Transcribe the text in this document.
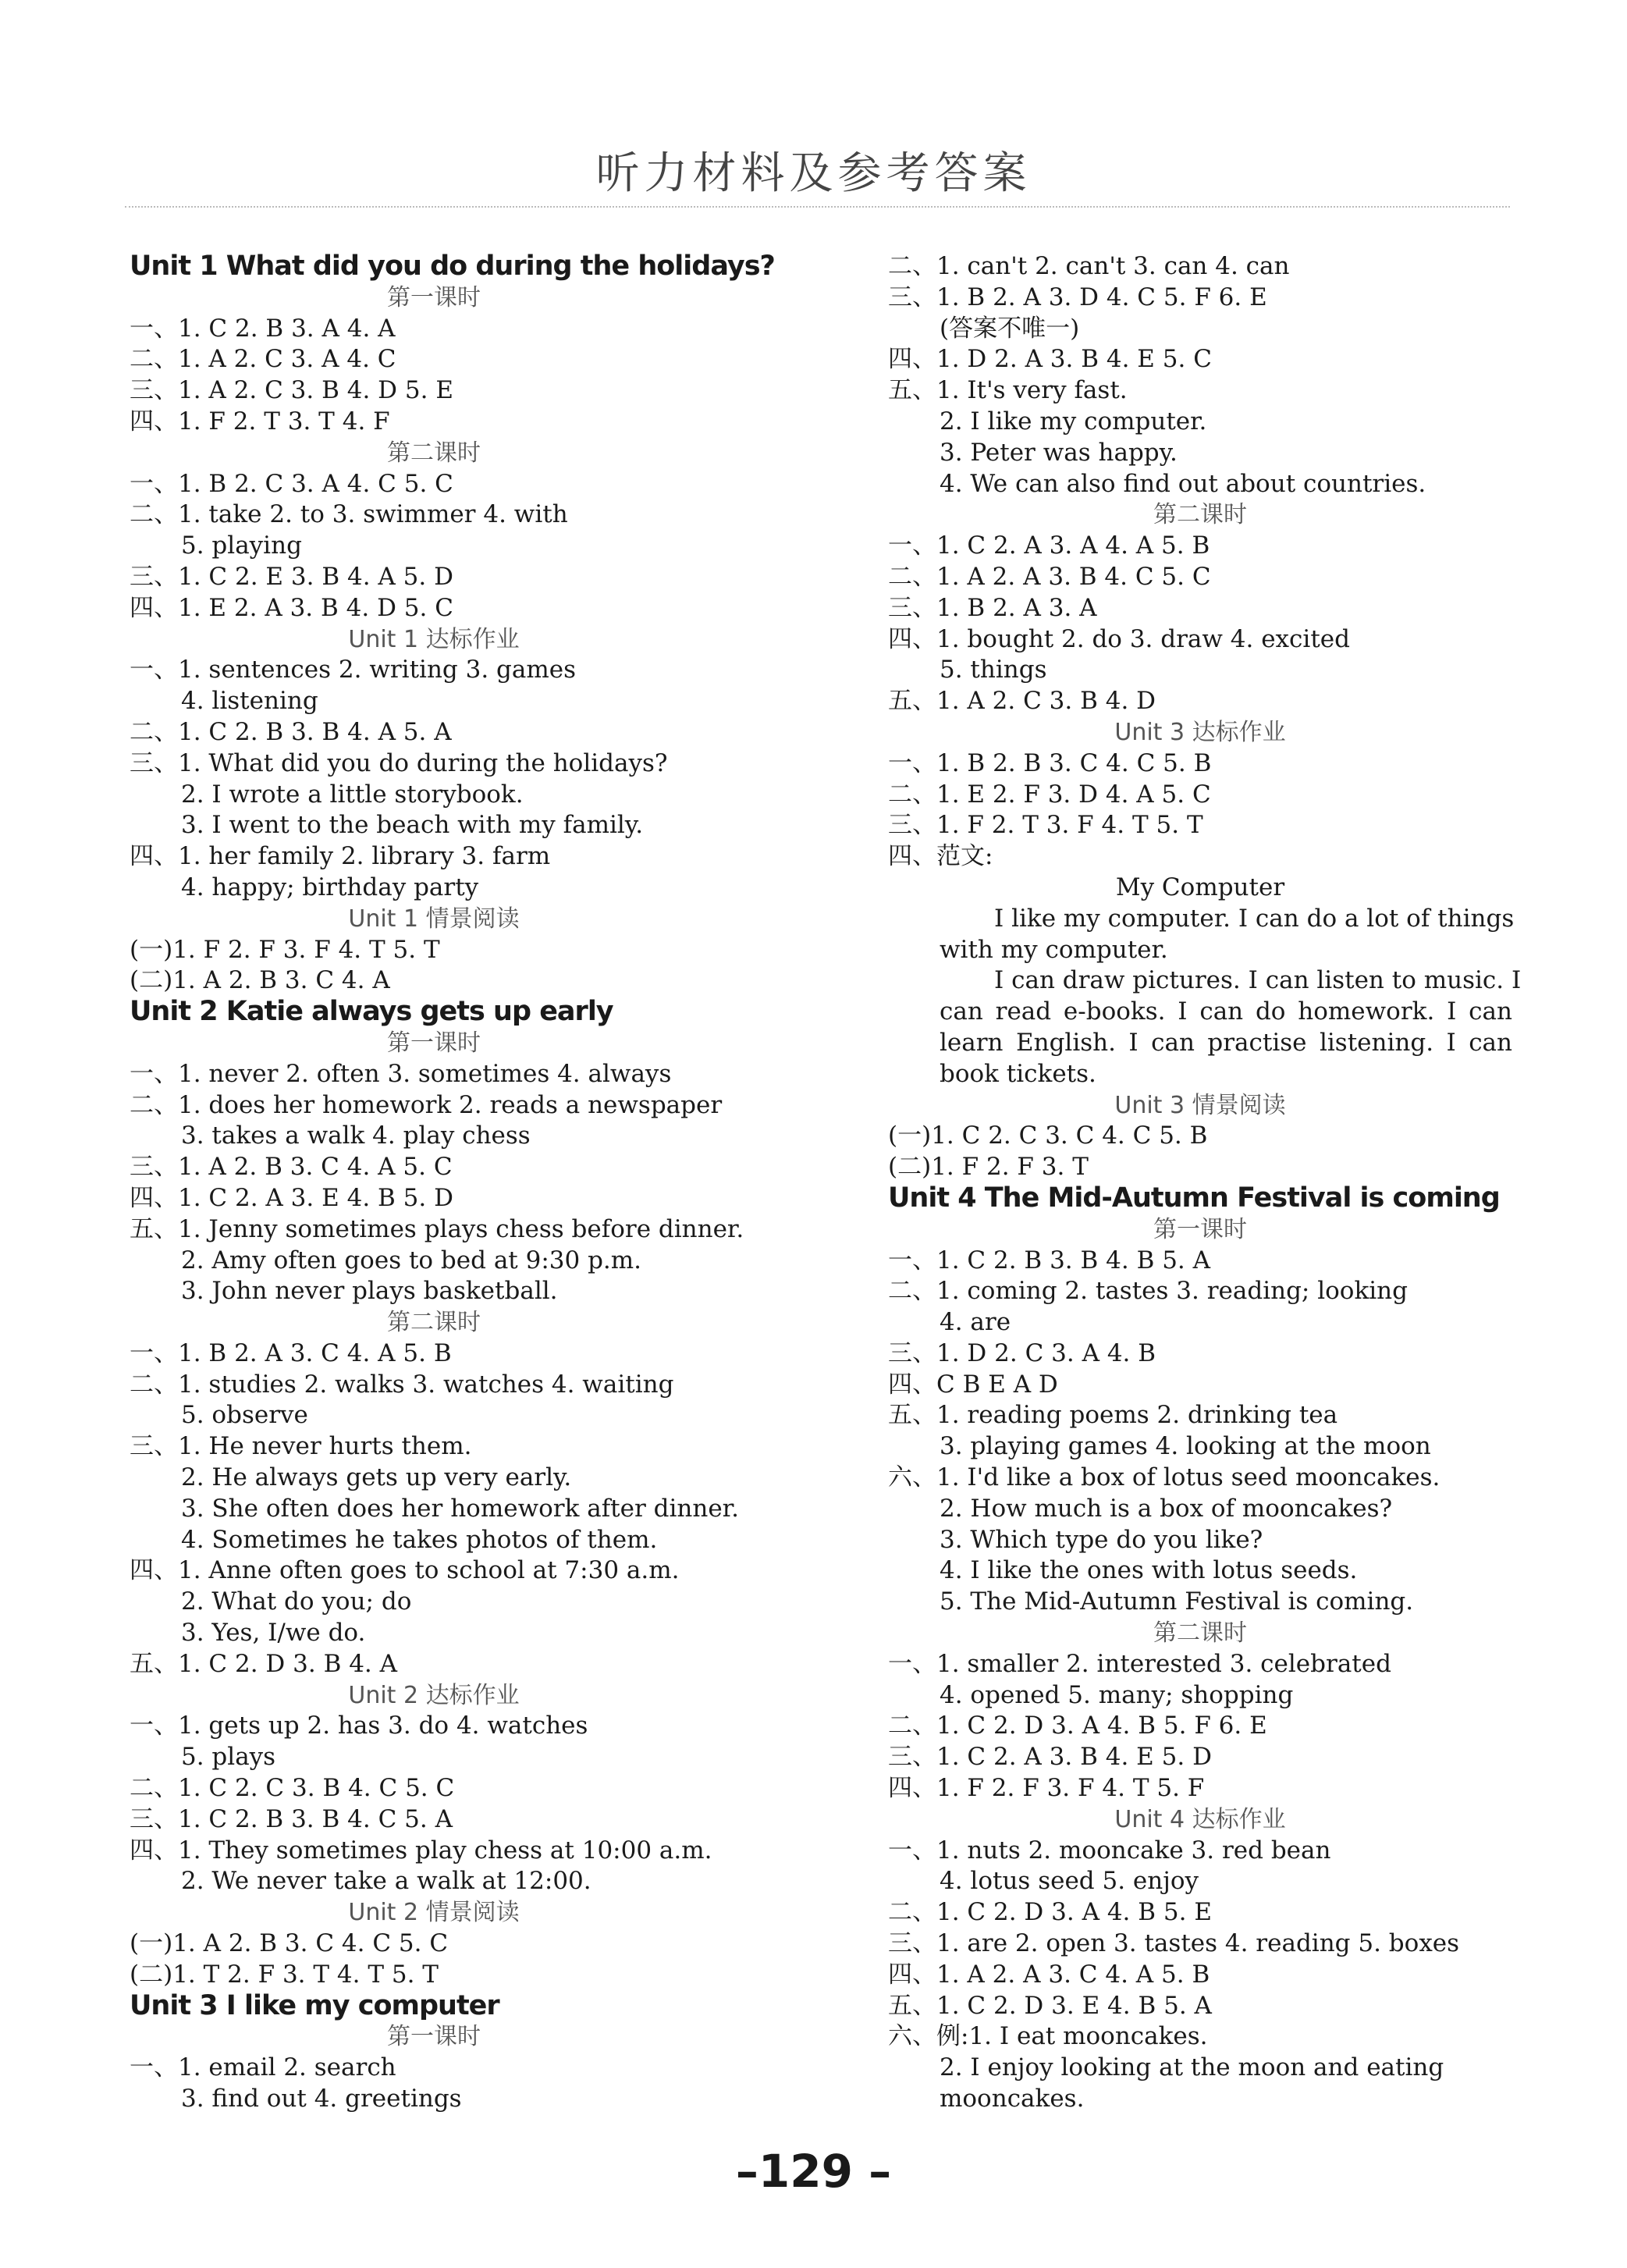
听力材料及参考答案
Unit 1 What did you do during the holidays?
第一课时
一、1. C 2. B 3. A 4. A
二、1. A 2. C 3. A 4. C
三、1. A 2. C 3. B 4. D 5. E
四、1. F 2. T 3. T 4. F
第二课时
一、1. B 2. C 3. A 4. C 5. C
二、1. take 2. to 3. swimmer 4. with
5. playing
三、1. C 2. E 3. B 4. A 5. D
四、1. E 2. A 3. B 4. D 5. C
Unit 1 达标作业
一、1. sentences 2. writing 3. games
4. listening
二、1. C 2. B 3. B 4. A 5. A
三、1. What did you do during the holidays?
2. I wrote a little storybook.
3. I went to the beach with my family.
四、1. her family 2. library 3. farm
4. happy; birthday party
Unit 1 情景阅读
(一)1. F 2. F 3. F 4. T 5. T
(二)1. A 2. B 3. C 4. A
Unit 2 Katie always gets up early
第一课时
一、1. never 2. often 3. sometimes 4. always
二、1. does her homework 2. reads a newspaper
3. takes a walk 4. play chess
三、1. A 2. B 3. C 4. A 5. C
四、1. C 2. A 3. E 4. B 5. D
五、1. Jenny sometimes plays chess before dinner.
2. Amy often goes to bed at 9:30 p.m.
3. John never plays basketball.
第二课时
一、1. B 2. A 3. C 4. A 5. B
二、1. studies 2. walks 3. watches 4. waiting
5. observe
三、1. He never hurts them.
2. He always gets up very early.
3. She often does her homework after dinner.
4. Sometimes he takes photos of them.
四、1. Anne often goes to school at 7:30 a.m.
2. What do you; do
3. Yes, I/we do.
五、1. C 2. D 3. B 4. A
Unit 2 达标作业
一、1. gets up 2. has 3. do 4. watches
5. plays
二、1. C 2. C 3. B 4. C 5. C
三、1. C 2. B 3. B 4. C 5. A
四、1. They sometimes play chess at 10:00 a.m.
2. We never take a walk at 12:00.
Unit 2 情景阅读
(一)1. A 2. B 3. C 4. C 5. C
(二)1. T 2. F 3. T 4. T 5. T
Unit 3 I like my computer
第一课时
一、1. email 2. search
3. find out 4. greetings
二、1. can't 2. can't 3. can 4. can
三、1. B 2. A 3. D 4. C 5. F 6. E
(答案不唯一)
四、1. D 2. A 3. B 4. E 5. C
五、1. It's very fast.
2. I like my computer.
3. Peter was happy.
4. We can also find out about countries.
第二课时
一、1. C 2. A 3. A 4. A 5. B
二、1. A 2. A 3. B 4. C 5. C
三、1. B 2. A 3. A
四、1. bought 2. do 3. draw 4. excited
5. things
五、1. A 2. C 3. B 4. D
Unit 3 达标作业
一、1. B 2. B 3. C 4. C 5. B
二、1. E 2. F 3. D 4. A 5. C
三、1. F 2. T 3. F 4. T 5. T
四、范文:
My Computer
I like my computer. I can do a lot of things
with my computer.
I can draw pictures. I can listen to music. I
can read e-books. I can do homework. I can
learn English. I can practise listening. I can
book tickets.
Unit 3 情景阅读
(一)1. C 2. C 3. C 4. C 5. B
(二)1. F 2. F 3. T
Unit 4 The Mid-Autumn Festival is coming
第一课时
一、1. C 2. B 3. B 4. B 5. A
二、1. coming 2. tastes 3. reading; looking
4. are
三、1. D 2. C 3. A 4. B
四、C B E A D
五、1. reading poems 2. drinking tea
3. playing games 4. looking at the moon
六、1. I'd like a box of lotus seed mooncakes.
2. How much is a box of mooncakes?
3. Which type do you like?
4. I like the ones with lotus seeds.
5. The Mid-Autumn Festival is coming.
第二课时
一、1. smaller 2. interested 3. celebrated
4. opened 5. many; shopping
二、1. C 2. D 3. A 4. B 5. F 6. E
三、1. C 2. A 3. B 4. E 5. D
四、1. F 2. F 3. F 4. T 5. F
Unit 4 达标作业
一、1. nuts 2. mooncake 3. red bean
4. lotus seed 5. enjoy
二、1. C 2. D 3. A 4. B 5. E
三、1. are 2. open 3. tastes 4. reading 5. boxes
四、1. A 2. A 3. C 4. A 5. B
五、1. C 2. D 3. E 4. B 5. A
六、例:1. I eat mooncakes.
2. I enjoy looking at the moon and eating
mooncakes.
–129 –
